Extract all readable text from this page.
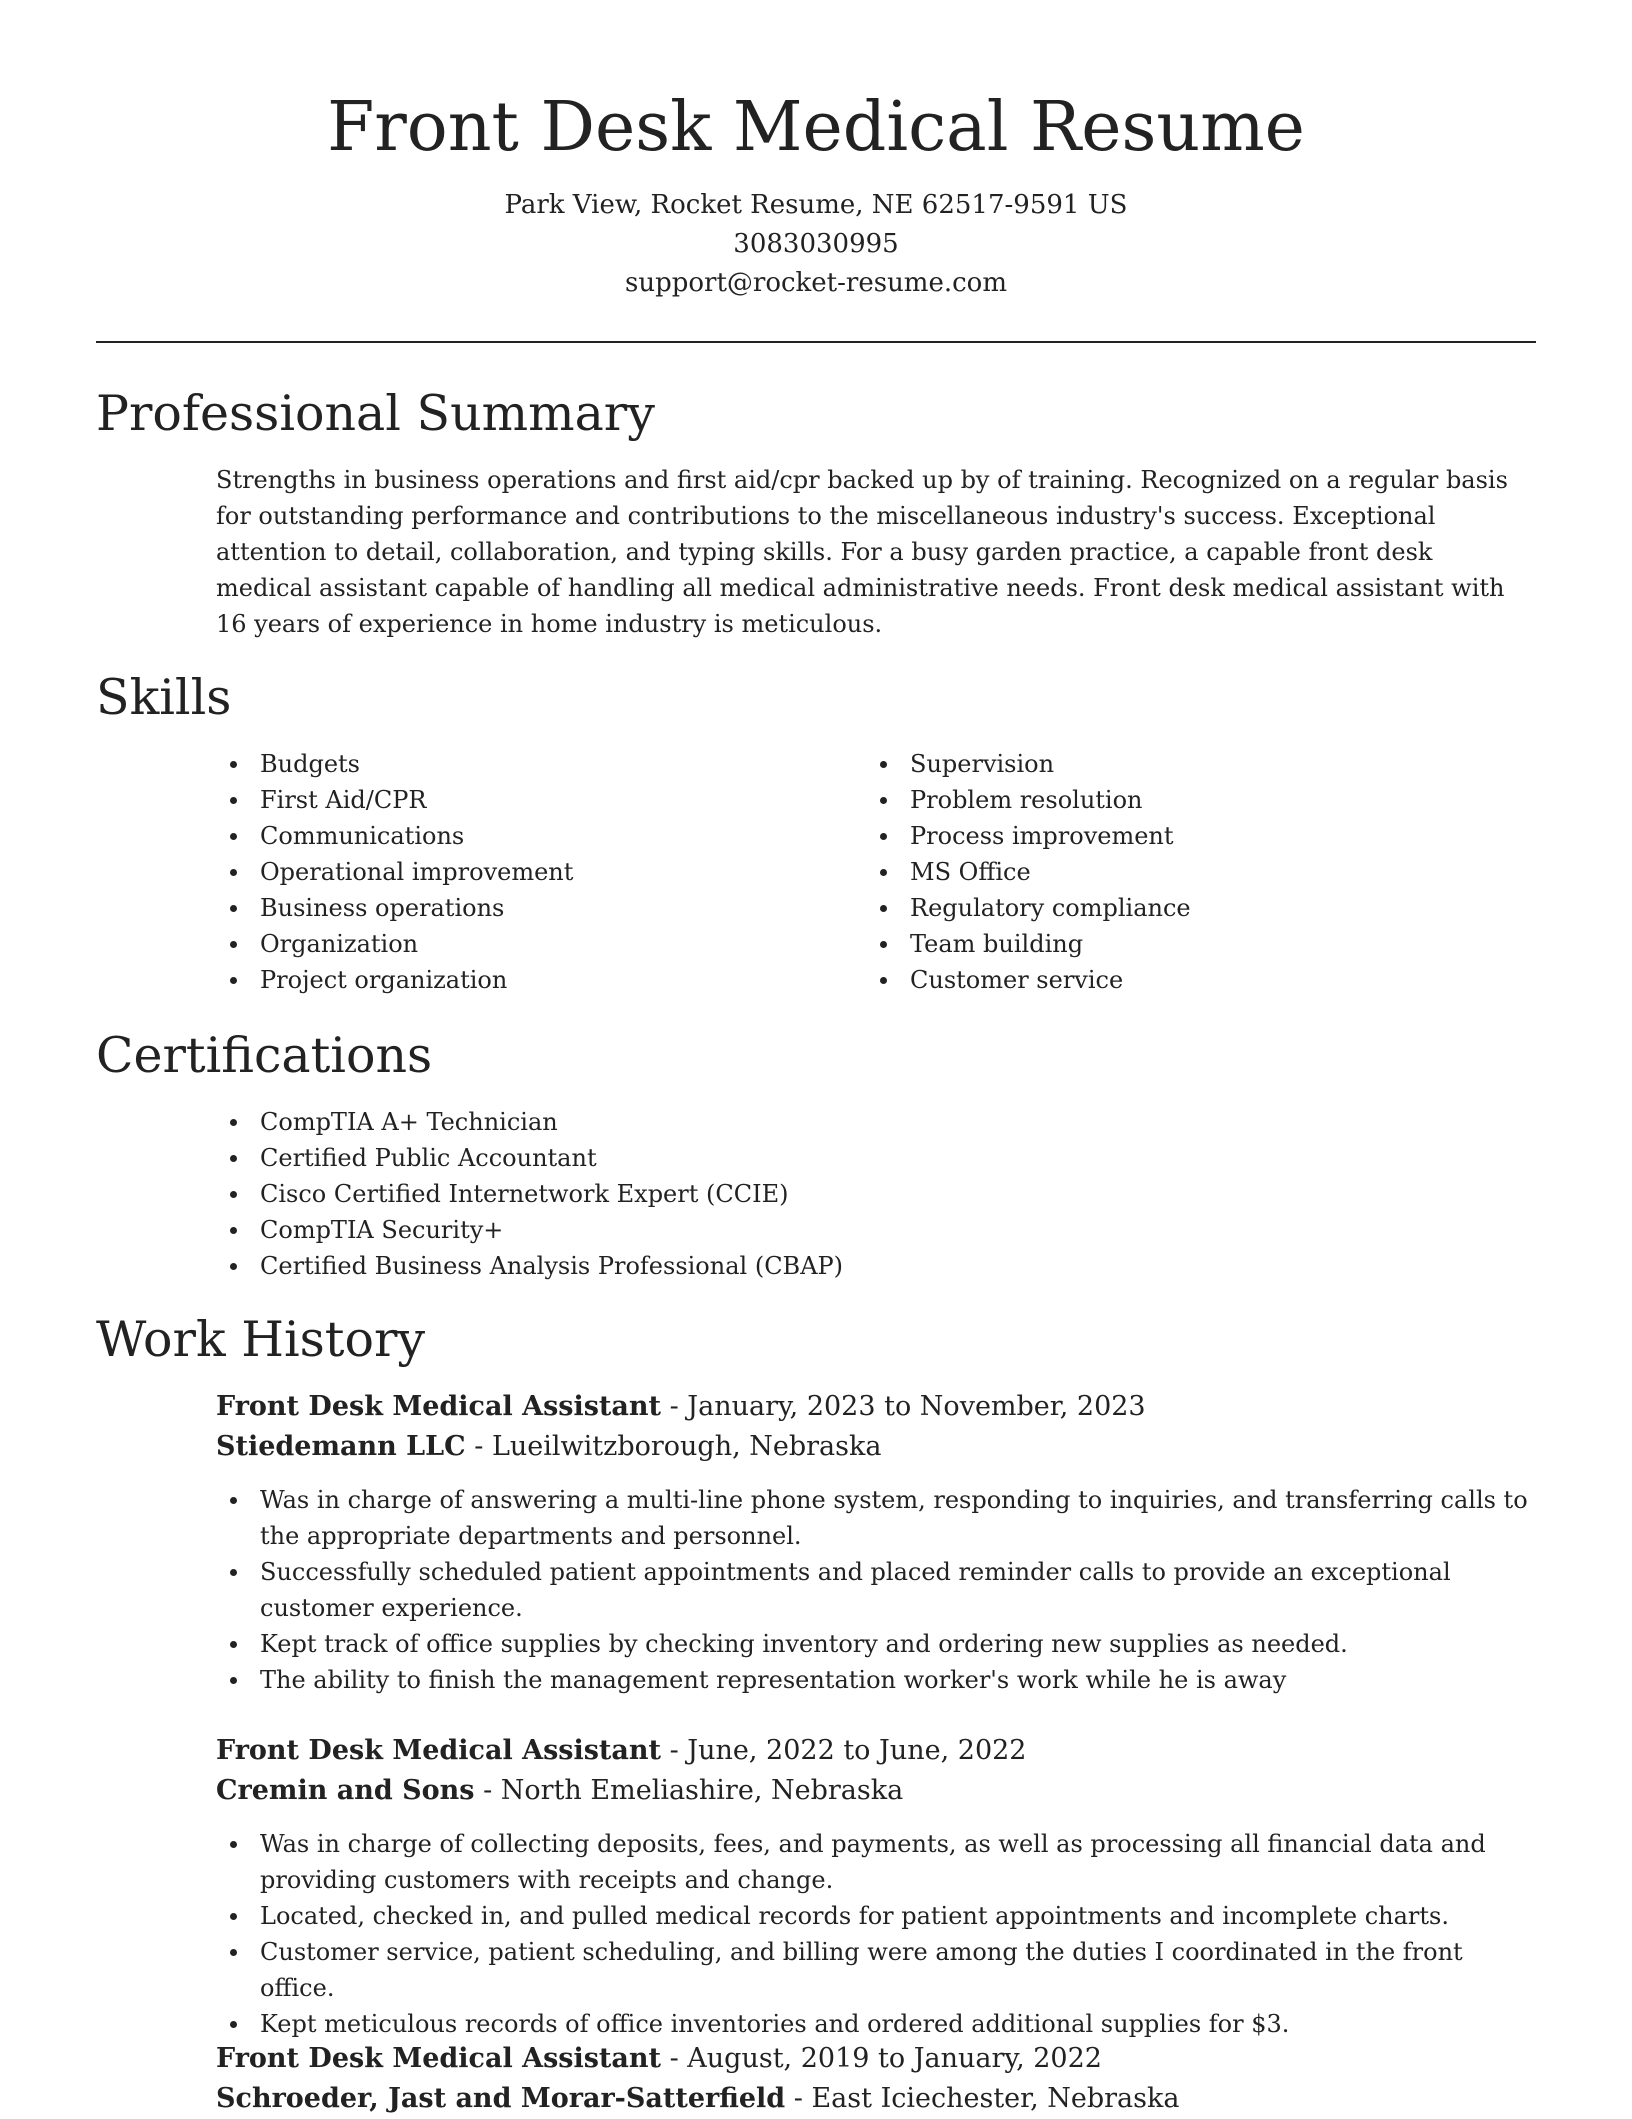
Front Desk Medical Resume
Park View, Rocket Resume, NE 62517-9591 US
3083030995
support@rocket-resume.com
Professional Summary

Strengths in business operations and first aid/cpr backed up by of training. Recognized on a regular basis for outstanding performance and contributions to the miscellaneous industry's success. Exceptional attention to detail, collaboration, and typing skills. For a busy garden practice, a capable front desk medical assistant capable of handling all medical administrative needs. Front desk medical assistant with 16 years of experience in home industry is meticulous.

Skills
Budgets
First Aid/CPR
Communications
Operational improvement
Business operations
Organization
Project organization
Supervision
Problem resolution
Process improvement
MS Office
Regulatory compliance
Team building
Customer service
Certifications
CompTIA A+ Technician
Certified Public Accountant
Cisco Certified Internetwork Expert (CCIE)
CompTIA Security+
Certified Business Analysis Professional (CBAP)
Work History
Front Desk Medical Assistant - January, 2023 to November, 2023
Stiedemann LLC - Lueilwitzborough, Nebraska
Was in charge of answering a multi-line phone system, responding to inquiries, and transferring calls to the appropriate departments and personnel.
Successfully scheduled patient appointments and placed reminder calls to provide an exceptional customer experience.
Kept track of office supplies by checking inventory and ordering new supplies as needed.
The ability to finish the management representation worker's work while he is away
Front Desk Medical Assistant - June, 2022 to June, 2022
Cremin and Sons - North Emeliashire, Nebraska
Was in charge of collecting deposits, fees, and payments, as well as processing all financial data and providing customers with receipts and change.
Located, checked in, and pulled medical records for patient appointments and incomplete charts.
Customer service, patient scheduling, and billing were among the duties I coordinated in the front office.
Kept meticulous records of office inventories and ordered additional supplies for $3.
Front Desk Medical Assistant - August, 2019 to January, 2022
Schroeder, Jast and Morar-Satterfield - East Iciechester, Nebraska
